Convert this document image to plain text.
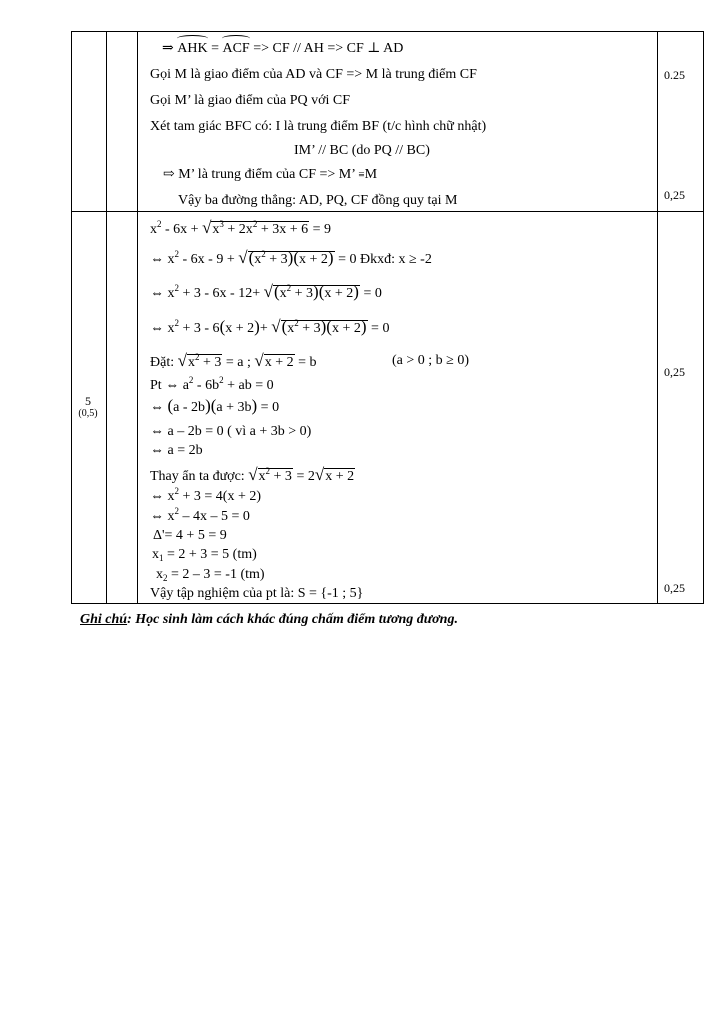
⇒ AHK = ACF => CF // AH => CF ⊥ AD
Gọi M là giao điểm của AD và CF => M là trung điểm CF
Gọi M’ là giao điểm của PQ với CF
Xét tam giác BFC có: I là trung điểm BF (t/c hình chữ nhật)
IM’ // BC (do PQ // BC)
⇨ M’ là trung điểm của CF => M’ ≡M
Vậy ba đường thẳng: AD, PQ, CF đồng quy tại M
0.25
0,25
5
(0,5)
$x^2 - 6x + √x^3 + 2x^2 + 3x + 6 = 9$
⇔ $x^2 - 6x - 9 + √(x^2 + 3)(x + 2) = 0$ Đkxđ: x ≥ -2
⇔ $x^2 + 3 - 6x - 12+ √(x^2 + 3)(x + 2) = 0$
⇔ $x^2 + 3 - 6(x + 2)+ √(x^2 + 3)(x + 2) = 0$
Đặt: $√x^2 + 3 = a$ ; √x + 2 = b	(a > 0 ; b ≥ 0)
Pt ⇔ $a^2 - 6b^2$ + ab = 0
⇔ (a - 2b)(a + 3b) = 0
⇔ a – 2b = 0 ( vì a + 3b > 0)
⇔ a = 2b
Thay ẩn ta được: $√x^2 + 3 = 2√x + 2$
⇔ $x^2 + 3 = 4(x + 2)$
⇔ $x^2 - 4x - 5 = 0$
Δ'= 4 + 5 = 9
$x_1 = 2 + 3 = 5$ (tm)
$x_2 = 2 - 3 = -1$ (tm)
Vậy tập nghiệm của pt là: S = {-1 ; 5}
0,25
0,25
Ghi chú: Học sinh làm cách khác đúng chấm điểm tương đương.
